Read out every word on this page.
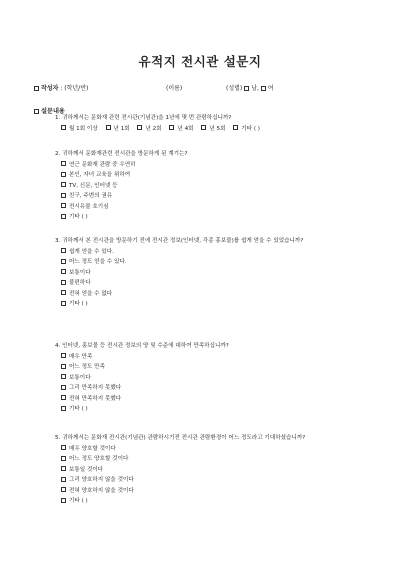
유적지 전시관 설문지
작성자 : (학년/반)	(이름)	(성별) 남, 여
설문내용
1. 귀하께서는 문화재 관련 전시관(기념관)을 1년에 몇 번 관람하십니까?
월 1회 이상	년 1회	년 2회	년 4회	년 5회	기타 ( )
2. 귀하께서 문화재관련 전시관을 방문하게 된 계기는?
연근 문화재 관람 중 우연히
본인, 자녀 교육을 위하여
TV, 신문, 인터넷 등
친구, 주변의 권유
전시유물 호기심
기타 ( )
3. 귀하께서 본 전시관을 방문하기 전에 전시관 정보(인터넷, 각종 홍보물)를 쉽게 얻을 수 있었습니까?
쉽게 얻을 수 있다.
어느 정도 얻을 수 있다.
보통이다
불편하다
전혀 얻을 수 없다
기타 ( )
4. 인터넷, 홍보물 등 전시관 정보의 양 및 수준에 대하여 만족하십니까?
매우 만족
어느 정도 만족
보통이다
그리 만족하지 못했다
전혀 만족하지 못했다
기타 ( )
5. 귀하께서는 문화재 전시관(기념관) 관람하시기전 전시관 관람환경이 어느 정도라고 기대하셨습니까?
매우 양호할 것이다
어느 정도 양호할 것이다
보통일 것이다
그리 양호하지 않을 것이다
전혀 양호하지 않을 것이다
기타 ( )
